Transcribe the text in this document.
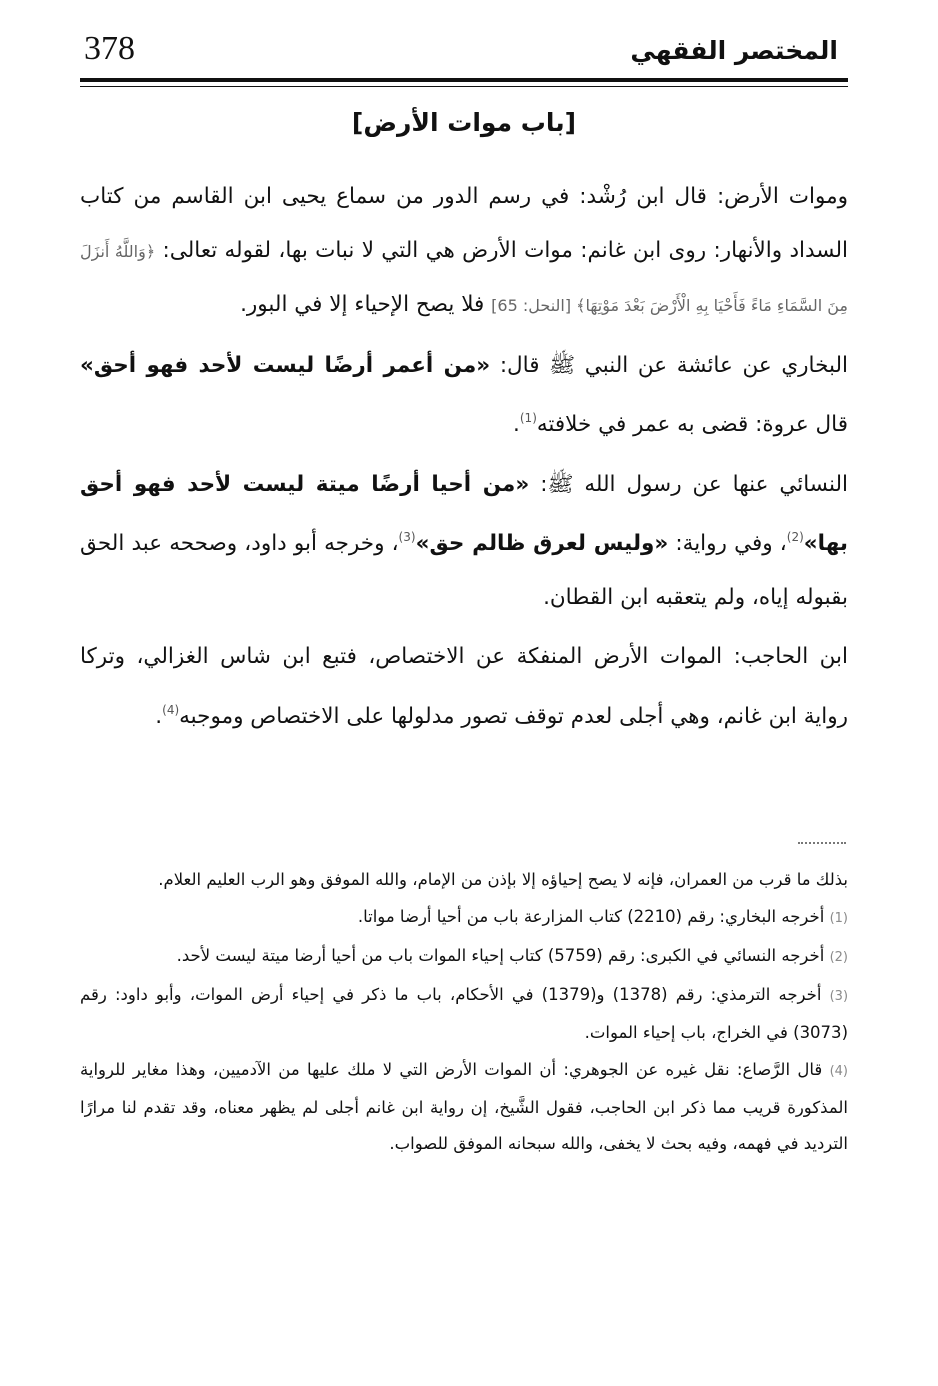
378	المختصر الفقهي
[باب موات الأرض]

وموات الأرض: قال ابن رُشْد: في رسم الدور من سماع يحيى ابن القاسم من كتاب السداد والأنهار: روى ابن غانم: موات الأرض هي التي لا نبات بها، لقوله تعالى: ﴿وَاللَّهُ أَنزَلَ مِنَ السَّمَاءِ مَاءً فَأَحْيَا بِهِ الْأَرْضَ بَعْدَ مَوْتِهَا﴾ [النحل: 65] فلا يصح الإحياء إلا في البور.

البخاري عن عائشة عن النبي ﷺ قال: «من أعمر أرضًا ليست لأحد فهو أحق» قال عروة: قضى به عمر في خلافته$^{(1)}$.

النسائي عنها عن رسول الله ﷺ: «من أحيا أرضًا ميتة ليست لأحد فهو أحق بها»$^{(2)}$، وفي رواية: «وليس لعرق ظالم حق»$^{(3)}$، وخرجه أبو داود، وصححه عبد الحق بقبوله إياه، ولم يتعقبه ابن القطان.

ابن الحاجب: الموات الأرض المنفكة عن الاختصاص، فتبع ابن شاس الغزالي، وتركا رواية ابن غانم، وهي أجلى لعدم توقف تصور مدلولها على الاختصاص وموجبه$^{(4)}$.

بذلك ما قرب من العمران، فإنه لا يصح إحياؤه إلا بإذن من الإمام، والله الموفق وهو الرب العليم العلام.

(1) أخرجه البخاري: رقم (2210) كتاب المزارعة باب من أحيا أرضا مواتا.

(2) أخرجه النسائي في الكبرى: رقم (5759) كتاب إحياء الموات باب من أحيا أرضا ميتة ليست لأحد.

(3) أخرجه الترمذي: رقم (1378) و(1379) في الأحكام، باب ما ذكر في إحياء أرض الموات، وأبو داود: رقم (3073) في الخراج، باب إحياء الموات.

(4) قال الرَّصاع: نقل غيره عن الجوهري: أن الموات الأرض التي لا ملك عليها من الآدميين، وهذا مغاير للرواية المذكورة قريب مما ذكر ابن الحاجب، فقول الشَّيخ، إن رواية ابن غانم أجلى لم يظهر معناه، وقد تقدم لنا مرارًا الترديد في فهمه، وفيه بحث لا يخفى، والله سبحانه الموفق للصواب.
